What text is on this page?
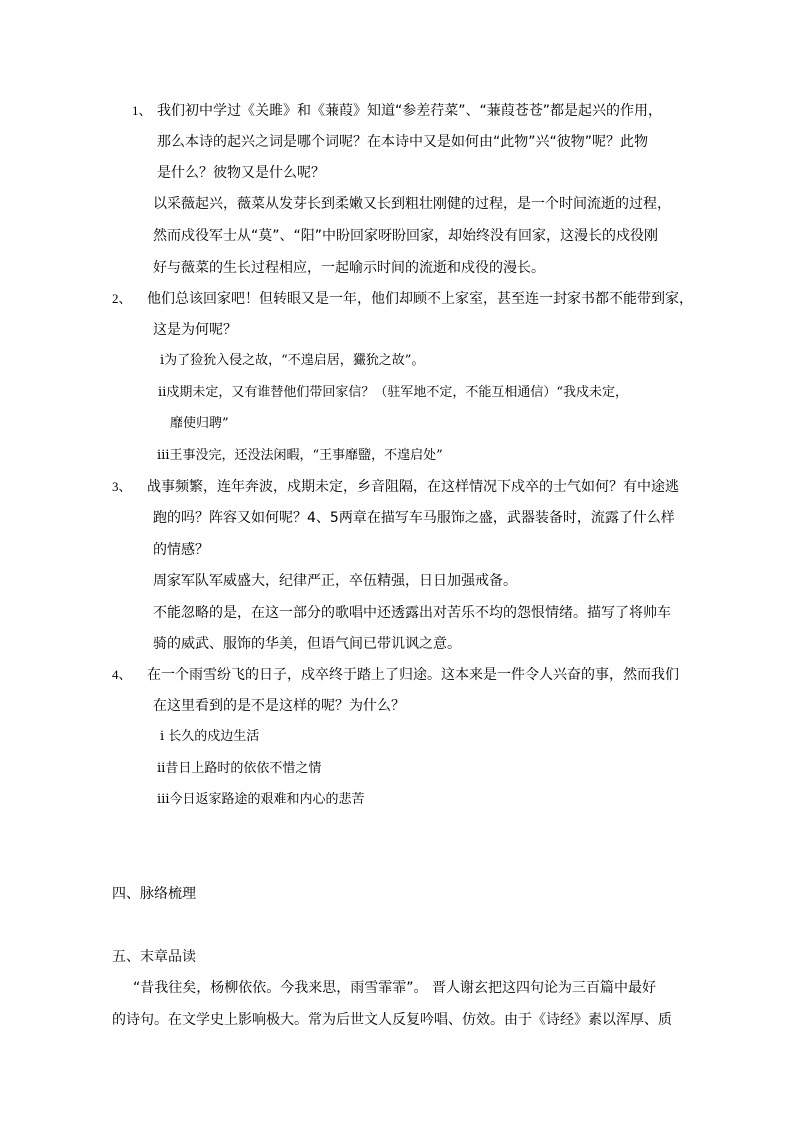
1、 我们初中学过《关雎》和《蒹葭》知道“参差荇菜”、“蒹葭苍苍”都是起兴的作用，
那么本诗的起兴之词是哪个词呢？在本诗中又是如何由“此物”兴“彼物”呢？此物
是什么？彼物又是什么呢？
以采薇起兴，薇菜从发芽长到柔嫩又长到粗壮刚健的过程，是一个时间流逝的过程，
然而戍役军士从“莫”、“阳”中盼回家呀盼回家，却始终没有回家，这漫长的戍役刚
好与薇菜的生长过程相应，一起喻示时间的流逝和戍役的漫长。
2、 他们总该回家吧！但转眼又是一年，他们却顾不上家室，甚至连一封家书都不能带到家，
这是为何呢？
ⅰ为了猃狁入侵之故，“不遑启居，玁狁之故”。
ⅱ戍期未定，又有谁替他们带回家信？（驻军地不定，不能互相通信）“我戍未定，
靡使归聘”
ⅲ王事没完，还没法闲暇，“王事靡盬，不遑启处”
3、 战事频繁，连年奔波，戍期未定，乡音阻隔，在这样情况下戍卒的士气如何？有中途逃
跑的吗？阵容又如何呢？4、5两章在描写车马服饰之盛，武器装备时，流露了什么样
的情感？
周家军队军威盛大，纪律严正，卒伍精强，日日加强戒备。
不能忽略的是，在这一部分的歌唱中还透露出对苦乐不均的怨恨情绪。描写了将帅车
骑的威武、服饰的华美，但语气间已带讥讽之意。
4、 在一个雨雪纷飞的日子，戍卒终于踏上了归途。这本来是一件令人兴奋的事，然而我们
在这里看到的是不是这样的呢？为什么？
ⅰ 长久的戍边生活
ⅱ昔日上路时的依依不惜之情
ⅲ今日返家路途的艰难和内心的悲苦
四、脉络梳理
五、末章品读
“昔我往矣，杨柳依依。今我来思，雨雪霏霏”。 晋人谢玄把这四句论为三百篇中最好
的诗句。在文学史上影响极大。常为后世文人反复吟唱、仿效。由于《诗经》素以浑厚、质
